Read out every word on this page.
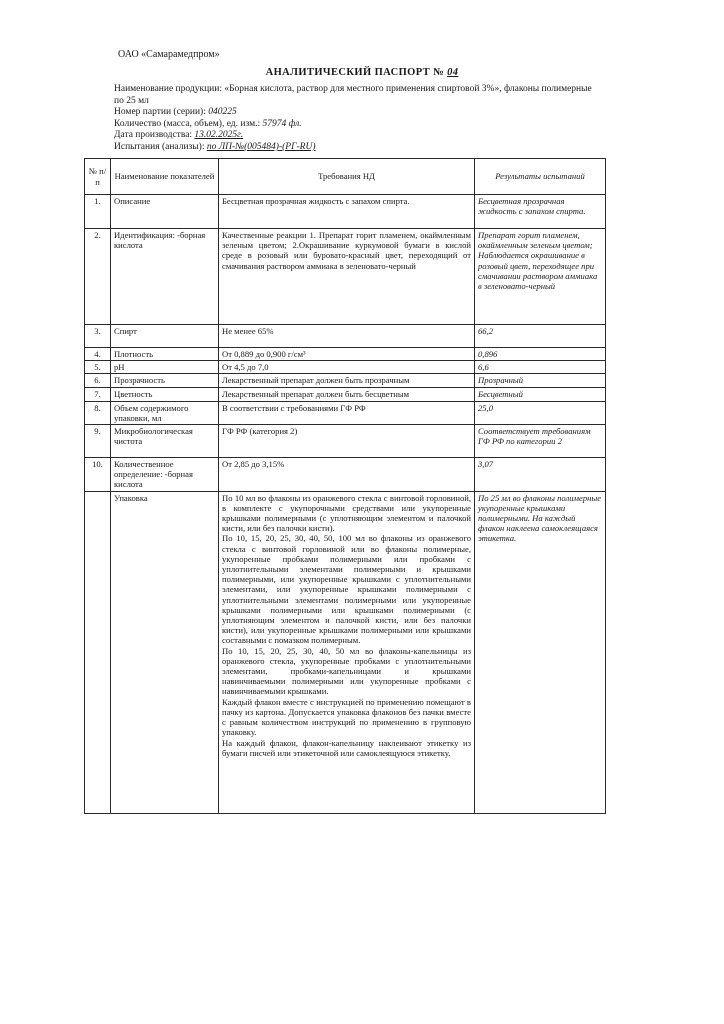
ОАО «Самарамедпром»
АНАЛИТИЧЕСКИЙ ПАСПОРТ № 04
Наименование продукции: «Борная кислота, раствор для местного применения спиртовой 3%», флаконы полимерные
по 25 мл
Номер партии (серии): 040225
Количество (масса, объем), ед. изм.: 57974 фл.
Дата производства: 13.02.2025г.
Испытания (анализы): по ЛП-№(005484)-(РГ-RU)
№ п/п	Наименование показателей	Требования НД	Результаты испытаний
1.	Описание	Бесцветная прозрачная жидкость с запахом спирта.	Бесцветная прозрачная жидкость с запахом спирта.
2.	Идентификация: -борная кислота	Качественные реакции 1. Препарат горит пламенем, окаймленным зеленым цветом; 2.Окрашивание куркумовой бумаги в кислой среде в розовый или буровато-красный цвет, переходящий от смачивания раствором аммиака в зеленовато-черный	Препарат горит пламенем, окаймленным зеленым цветом; Наблюдается окрашивание в розовый цвет, переходящее при смачивании раствором аммиака в зеленовато-черный
3.	Спирт	Не менее 65%	66,2
4.	Плотность	От 0,889 до 0,900 г/см³	0,896
5.	pH	От 4,5 до 7,0	6,6
6.	Прозрачность	Лекарственный препарат должен быть прозрачным	Прозрачный
7.	Цветность	Лекарственный препарат должен быть бесцветным	Бесцветный
8.	Объем содержимого упаковки, мл	В соответствии с требованиями ГФ РФ	25,0
9.	Микробиологическая чистота	ГФ РФ (категория 2)	Соответствует требованиям ГФ РФ по категории 2
10.	Количественное определение: -борная кислота	От 2,85 до 3,15%	3,07
	Упаковка	По 10 мл во флаконы из оранжевого стекла с винтовой горловиной, в комплекте с укупорочными средствами или укупоренные крышками полимерными (с уплотняющим элементом и палочкой кисти, или без палочки кисти).

По 10, 15, 20, 25, 30, 40, 50, 100 мл во флаконы из оранжевого стекла с винтовой горловиной или во флаконы полимерные, укупоренные пробками полимерными или пробками с уплотнительными элементами полимерными и крышками полимерными, или укупоренные крышками с уплотнительными элементами, или укупоренные крышками полимерными с уплотнительными элементами полимерными или укупоренные крышками полимерными или крышками полимерными (с уплотняющим элементом и палочкой кисти, или без палочки кисти), или укупоренные крышками полимерными или крышками составными с помазком полимерным.

По 10, 15, 20, 25, 30, 40, 50 мл во флаконы-капельницы из оранжевого стекла, укупоренные пробками с уплотнительными элементами, пробками-капельницами и крышками навинчиваемыми полимерными или укупоренные пробками с навинчиваемыми крышками.

Каждый флакон вместе с инструкцией по применению помещают в пачку из картона. Допускается упаковка флаконов без пачки вместе с равным количеством инструкций по применению в групповую упаковку.

На каждый флакон, флакон-капельницу наклеивают этикетку из бумаги писчей или этикеточной или самоклеящуюся этикетку.	По 25 мл во флаконы полимерные укупоренные крышками полимерными. На каждый флакон наклеена самоклеящаяся этикетка.
